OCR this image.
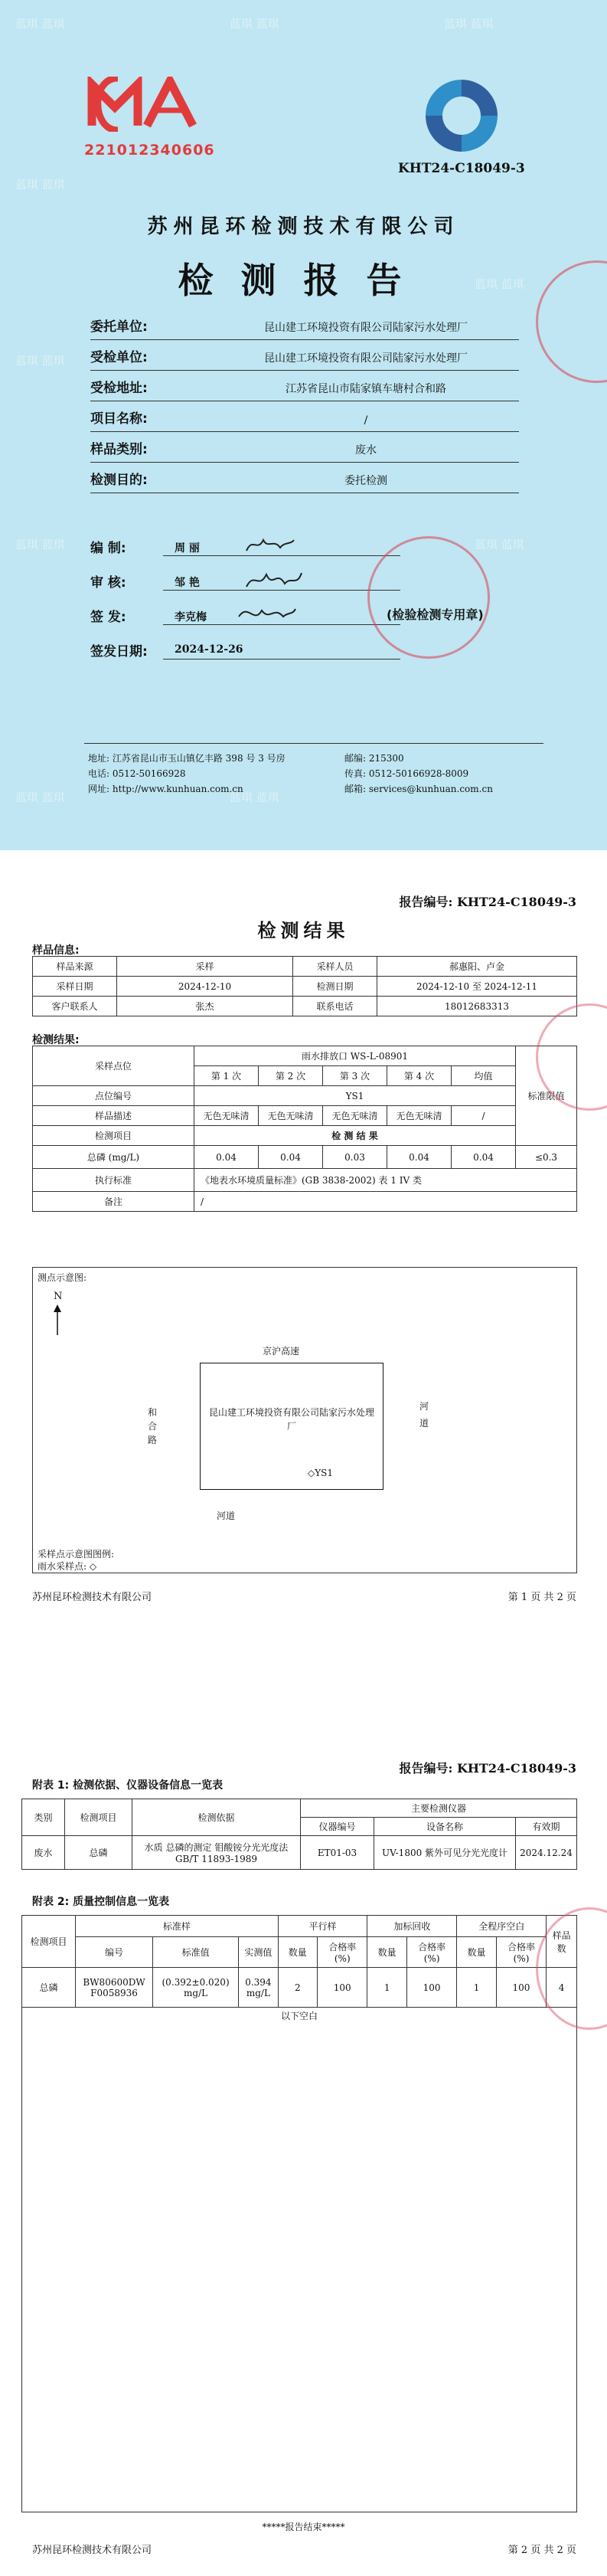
蓝琪 蓝琪	蓝琪 蓝琪	蓝琪 蓝琪
蓝琪 蓝琪
蓝琪 蓝琪
蓝琪 蓝琪
蓝琪 蓝琪	蓝琪 蓝琪
蓝琪 蓝琪	蓝琪 蓝琪
221012340606
KHT24-C18049-3
苏州昆环检测技术有限公司
检测报告
委托单位:	昆山建工环境投资有限公司陆家污水处理厂
受检单位:	昆山建工环境投资有限公司陆家污水处理厂
受检地址:	江苏省昆山市陆家镇车塘村合和路
项目名称:	/
样品类别:	废水
检测目的:	委托检测
编 制:	周 丽
审 核:	邹 艳
签 发:	李克梅
签发日期:	2024-12-26
(检验检测专用章)
地址: 江苏省昆山市玉山镇亿丰路 398 号 3 号房
电话: 0512-50166928
网址: http://www.kunhuan.com.cn
邮编: 215300
传真: 0512-50166928-8009
邮箱: services@kunhuan.com.cn
报告编号: KHT24-C18049-3
检测结果
样品信息:
样品来源	采样	采样人员	郝惠阳、卢金
采样日期	2024-12-10	检测日期	2024-12-10 至 2024-12-11
客户联系人	张杰	联系电话	18012683313
检测结果:
采样点位	雨水排放口 WS-L-08901					标准限值
	第 1 次	第 2 次	第 3 次	第 4 次	均值	
点位编号	YS1					
样品描述	无色无味清	无色无味清	无色无味清	无色无味清	/	
检测项目	检 测 结 果					
总磷 (mg/L)	0.04	0.04	0.03	0.04	0.04	≤0.3
执行标准	《地表水环境质量标准》(GB 3838-2002) 表 1 IV 类					
备注	/					
测点示意图:
N
京沪高速
昆山建工环境投资有限公司陆家污水处理厂
◇YS1
和合路
河道
河道
采样点示意图图例:
雨水采样点: ◇
苏州昆环检测技术有限公司	第 1 页 共 2 页
报告编号: KHT24-C18049-3
附表 1: 检测依据、仪器设备信息一览表
类别	检测项目	检测依据	主要检测仪器		
			仪器编号	设备名称	有效期
废水	总磷	水质 总磷的测定 钼酸铵分光光度法 GB/T 11893-1989	ET01-03	UV-1800 紫外可见分光光度计	2024.12.24
附表 2: 质量控制信息一览表
检测项目	标准样			平行样		加标回收		全程序空白		样品数
	编号	标准值	实测值	数量	合格率 (%)	数量	合格率 (%)	数量	合格率 (%)	
总磷	BW80600DW F0058936	(0.392±0.020) mg/L	0.394 mg/L	2	100	1	100	1	100	4
以下空白										
*****报告结束*****
苏州昆环检测技术有限公司	第 2 页 共 2 页
